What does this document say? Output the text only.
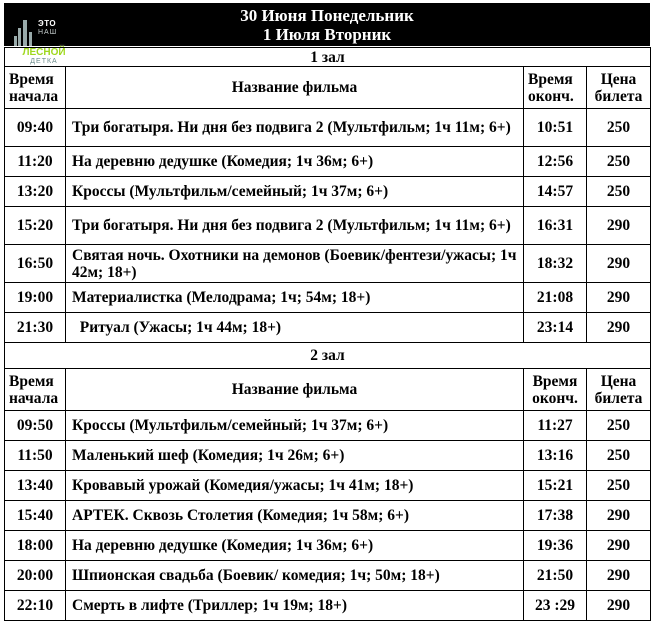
30 Июня Понедельник
1 Июля Вторник
ЭТО
НАШ
ЛЕСНОЙ
ДЕТКА	1 зал			
Время начала	Название фильма	Время оконч.	Цена билета
09:40	Три богатыря. Ни дня без подвига 2 (Мультфильм; 1ч 11м; 6+)	10:51	250
11:20	На деревню дедушке (Комедия; 1ч 36м; 6+)	12:56	250
13:20	Кроссы (Мультфильм/семейный; 1ч 37м; 6+)	14:57	250
15:20	Три богатыря. Ни дня без подвига 2 (Мультфильм; 1ч 11м; 6+)	16:31	290
16:50	Святая ночь. Охотники на демонов (Боевик/фентези/ужасы; 1ч 42м; 18+)	18:32	290
19:00	Материалистка (Мелодрама; 1ч; 54м; 18+)	21:08	290
21:30	Ритуал (Ужасы; 1ч 44м; 18+)	23:14	290
2 зал			
Время начала	Название фильма	Время оконч.	Цена билета
09:50	Кроссы (Мультфильм/семейный; 1ч 37м; 6+)	11:27	250
11:50	Маленький шеф (Комедия; 1ч 26м; 6+)	13:16	250
13:40	Кровавый урожай (Комедия/ужасы; 1ч 41м; 18+)	15:21	250
15:40	АРТЕК. Сквозь Столетия (Комедия; 1ч 58м; 6+)	17:38	290
18:00	На деревню дедушке (Комедия; 1ч 36м; 6+)	19:36	290
20:00	Шпионская свадьба (Боевик/ комедия; 1ч; 50м; 18+)	21:50	290
22:10	Смерть в лифте (Триллер; 1ч 19м; 18+)	23 :29	290
